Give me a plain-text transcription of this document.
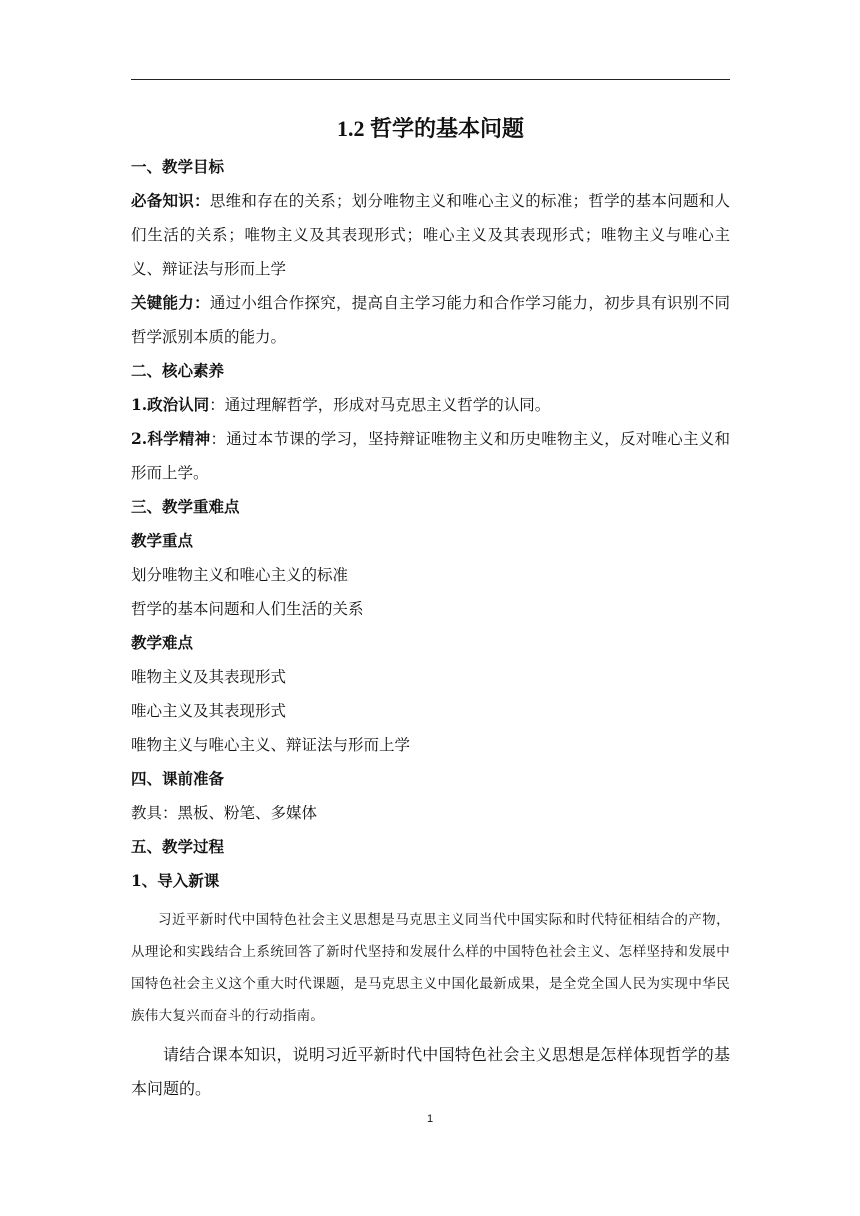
1.2 哲学的基本问题
一、教学目标
必备知识：思维和存在的关系；划分唯物主义和唯心主义的标准；哲学的基本问题和人们生活的关系；唯物主义及其表现形式；唯心主义及其表现形式；唯物主义与唯心主义、辩证法与形而上学
关键能力：通过小组合作探究，提高自主学习能力和合作学习能力，初步具有识别不同哲学派别本质的能力。
二、核心素养
1.政治认同：通过理解哲学，形成对马克思主义哲学的认同。
2.科学精神：通过本节课的学习，坚持辩证唯物主义和历史唯物主义，反对唯心主义和形而上学。
三、教学重难点
教学重点
划分唯物主义和唯心主义的标准
哲学的基本问题和人们生活的关系
教学难点
唯物主义及其表现形式
唯心主义及其表现形式
唯物主义与唯心主义、辩证法与形而上学
四、课前准备
教具：黑板、粉笔、多媒体
五、教学过程
1、导入新课
习近平新时代中国特色社会主义思想是马克思主义同当代中国实际和时代特征相结合的产物，从理论和实践结合上系统回答了新时代坚持和发展什么样的中国特色社会主义、怎样坚持和发展中国特色社会主义这个重大时代课题，是马克思主义中国化最新成果，是全党全国人民为实现中华民族伟大复兴而奋斗的行动指南。
请结合课本知识，说明习近平新时代中国特色社会主义思想是怎样体现哲学的基本问题的。
1
